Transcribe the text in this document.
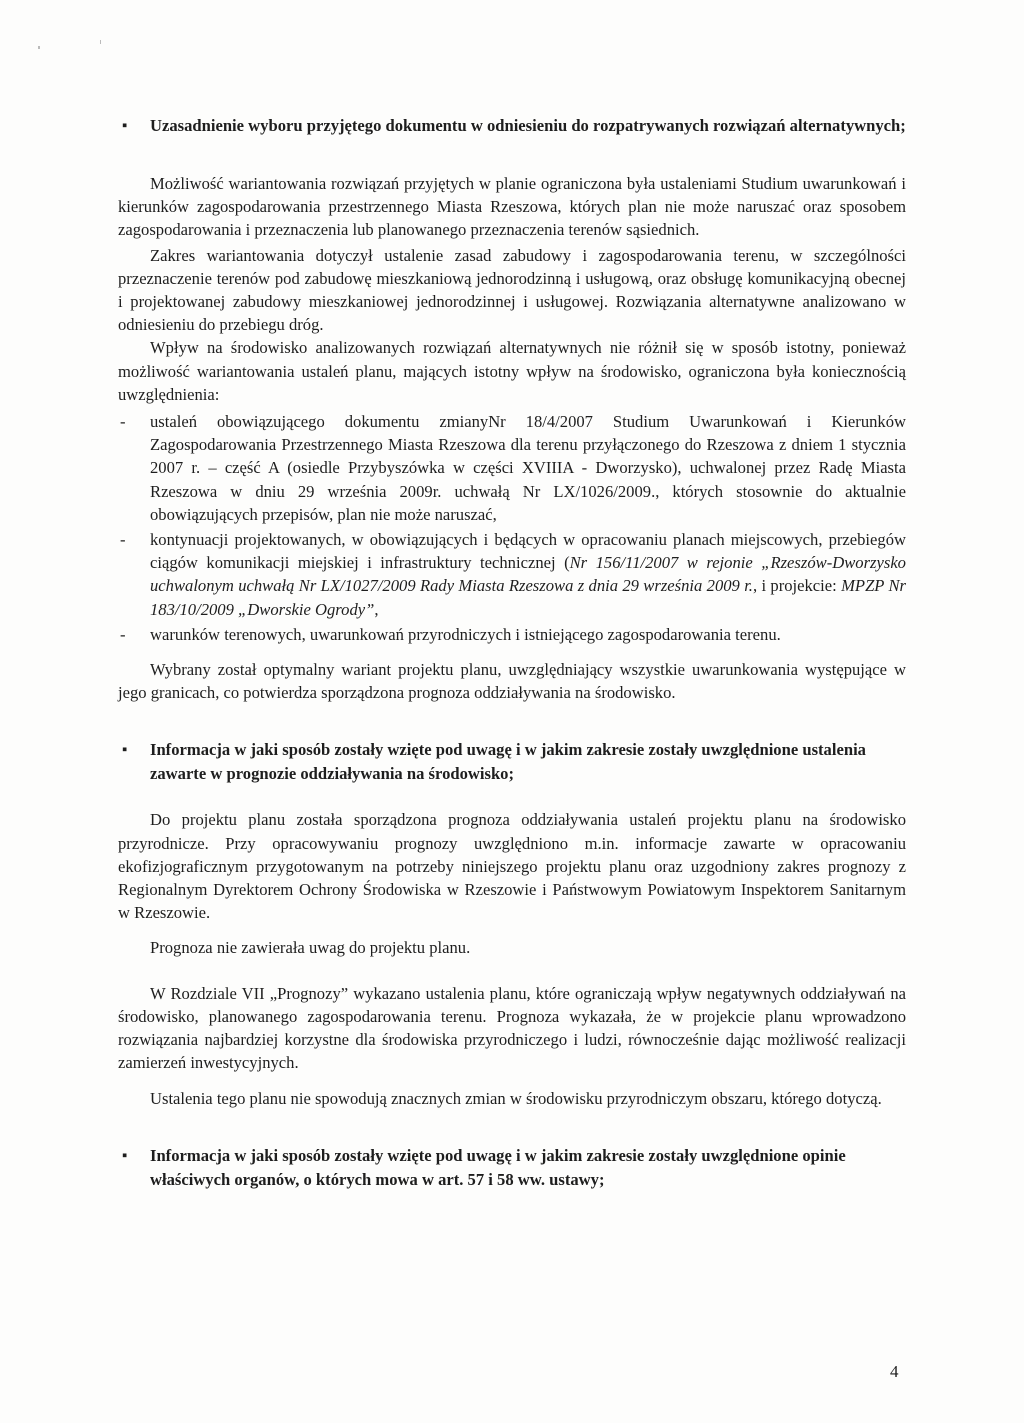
▪ Uzasadnienie wyboru przyjętego dokumentu w odniesieniu do rozpatrywanych rozwiązań alternatywnych;

Możliwość wariantowania rozwiązań przyjętych w planie ograniczona była ustaleniami Studium uwarunkowań i kierunków zagospodarowania przestrzennego Miasta Rzeszowa, których plan nie może naruszać oraz sposobem zagospodarowania i przeznaczenia lub planowanego przeznaczenia terenów sąsiednich.

Zakres wariantowania dotyczył ustalenie zasad zabudowy i zagospodarowania terenu, w szczególności przeznaczenie terenów pod zabudowę mieszkaniową jednorodzinną i usługową, oraz obsługę komunikacyjną obecnej i projektowanej zabudowy mieszkaniowej jednorodzinnej i usługowej. Rozwiązania alternatywne analizowano w odniesieniu do przebiegu dróg.

Wpływ na środowisko analizowanych rozwiązań alternatywnych nie różnił się w sposób istotny, ponieważ możliwość wariantowania ustaleń planu, mających istotny wpływ na środowisko, ograniczona była koniecznością uwzględnienia:

- ustaleń obowiązującego dokumentu zmianyNr 18/4/2007 Studium Uwarunkowań i Kierunków Zagospodarowania Przestrzennego Miasta Rzeszowa dla terenu przyłączonego do Rzeszowa z dniem 1 stycznia 2007 r. – część A (osiedle Przybyszówka w części XVIIIA - Dworzysko), uchwalonej przez Radę Miasta Rzeszowa w dniu 29 września 2009r. uchwałą Nr LX/1026/2009., których stosownie do aktualnie obowiązujących przepisów, plan nie może naruszać,
- kontynuacji projektowanych, w obowiązujących i będących w opracowaniu planach miejscowych, przebiegów ciągów komunikacji miejskiej i infrastruktury technicznej (Nr 156/11/2007 w rejonie „Rzeszów-Dworzysko uchwalonym uchwałą Nr LX/1027/2009 Rady Miasta Rzeszowa z dnia 29 września 2009 r., i projekcie: MPZP Nr 183/10/2009 „Dworskie Ogrody”,
- warunków terenowych, uwarunkowań przyrodniczych i istniejącego zagospodarowania terenu.

Wybrany został optymalny wariant projektu planu, uwzględniający wszystkie uwarunkowania występujące w jego granicach, co potwierdza sporządzona prognoza oddziaływania na środowisko.

▪ Informacja w jaki sposób zostały wzięte pod uwagę i w jakim zakresie zostały uwzględnione ustalenia zawarte w prognozie oddziaływania na środowisko;

Do projektu planu została sporządzona prognoza oddziaływania ustaleń projektu planu na środowisko przyrodnicze. Przy opracowywaniu prognozy uwzględniono m.in. informacje zawarte w opracowaniu ekofizjograficznym przygotowanym na potrzeby niniejszego projektu planu oraz uzgodniony zakres prognozy z Regionalnym Dyrektorem Ochrony Środowiska w Rzeszowie i Państwowym Powiatowym Inspektorem Sanitarnym w Rzeszowie.

Prognoza nie zawierała uwag do projektu planu.

W Rozdziale VII „Prognozy” wykazano ustalenia planu, które ograniczają wpływ negatywnych oddziaływań na środowisko, planowanego zagospodarowania terenu. Prognoza wykazała, że w projekcie planu wprowadzono rozwiązania najbardziej korzystne dla środowiska przyrodniczego i ludzi, równocześnie dając możliwość realizacji zamierzeń inwestycyjnych.

Ustalenia tego planu nie spowodują znacznych zmian w środowisku przyrodniczym obszaru, którego dotyczą.

▪ Informacja w jaki sposób zostały wzięte pod uwagę i w jakim zakresie zostały uwzględnione opinie właściwych organów, o których mowa w art. 57 i 58 ww. ustawy;
4
